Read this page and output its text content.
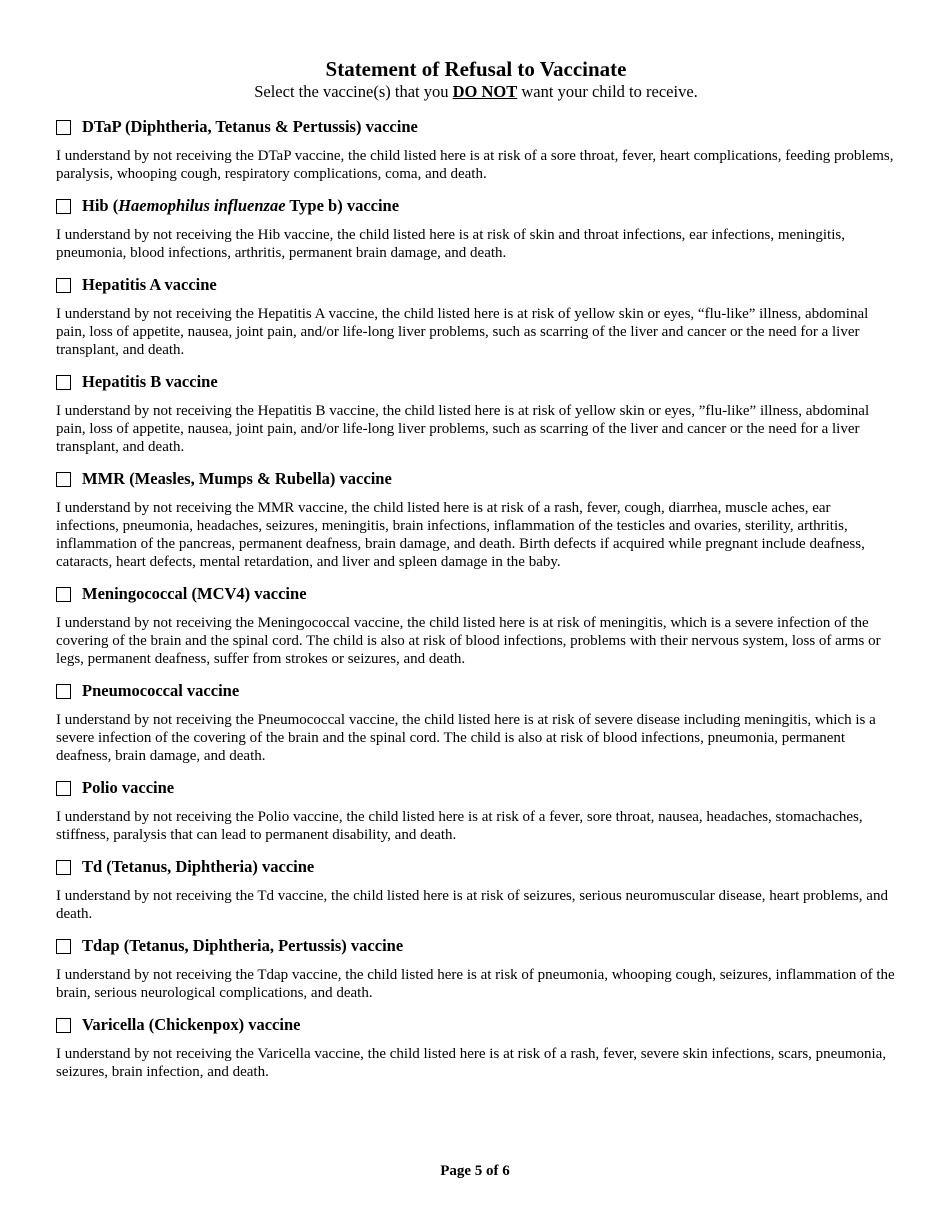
Statement of Refusal to Vaccinate

Select the vaccine(s) that you DO NOT want your child to receive.

DTaP (Diphtheria, Tetanus & Pertussis) vaccine

I understand by not receiving the DTaP vaccine, the child listed here is at risk of a sore throat, fever, heart complications, feeding problems, paralysis, whooping cough, respiratory complications, coma, and death.

Hib (Haemophilus influenzae Type b) vaccine

I understand by not receiving the Hib vaccine, the child listed here is at risk of skin and throat infections, ear infections, meningitis, pneumonia, blood infections, arthritis, permanent brain damage, and death.

Hepatitis A vaccine

I understand by not receiving the Hepatitis A vaccine, the child listed here is at risk of yellow skin or eyes, “flu-like” illness, abdominal pain, loss of appetite, nausea, joint pain, and/or life-long liver problems, such as scarring of the liver and cancer or the need for a liver transplant, and death.

Hepatitis B vaccine

I understand by not receiving the Hepatitis B vaccine, the child listed here is at risk of yellow skin or eyes, ”flu-like” illness, abdominal pain, loss of appetite, nausea, joint pain, and/or life-long liver problems, such as scarring of the liver and cancer or the need for a liver transplant, and death.

MMR (Measles, Mumps & Rubella) vaccine

I understand by not receiving the MMR vaccine, the child listed here is at risk of a rash, fever, cough, diarrhea, muscle aches, ear infections, pneumonia, headaches, seizures, meningitis, brain infections, inflammation of the testicles and ovaries, sterility, arthritis, inflammation of the pancreas, permanent deafness, brain damage, and death. Birth defects if acquired while pregnant include deafness, cataracts, heart defects, mental retardation, and liver and spleen damage in the baby.

Meningococcal (MCV4) vaccine

I understand by not receiving the Meningococcal vaccine, the child listed here is at risk of meningitis, which is a severe infection of the covering of the brain and the spinal cord. The child is also at risk of blood infections, problems with their nervous system, loss of arms or legs, permanent deafness, suffer from strokes or seizures, and death.

Pneumococcal vaccine

I understand by not receiving the Pneumococcal vaccine, the child listed here is at risk of severe disease including meningitis, which is a severe infection of the covering of the brain and the spinal cord. The child is also at risk of blood infections, pneumonia, permanent deafness, brain damage, and death.

Polio vaccine

I understand by not receiving the Polio vaccine, the child listed here is at risk of a fever, sore throat, nausea, headaches, stomachaches, stiffness, paralysis that can lead to permanent disability, and death.

Td (Tetanus, Diphtheria) vaccine

I understand by not receiving the Td vaccine, the child listed here is at risk of seizures, serious neuromuscular disease, heart problems, and death.

Tdap (Tetanus, Diphtheria, Pertussis) vaccine

I understand by not receiving the Tdap vaccine, the child listed here is at risk of pneumonia, whooping cough, seizures, inflammation of the brain, serious neurological complications, and death.

Varicella (Chickenpox) vaccine

I understand by not receiving the Varicella vaccine, the child listed here is at risk of a rash, fever, severe skin infections, scars, pneumonia, seizures, brain infection, and death.

Page 5 of 6
